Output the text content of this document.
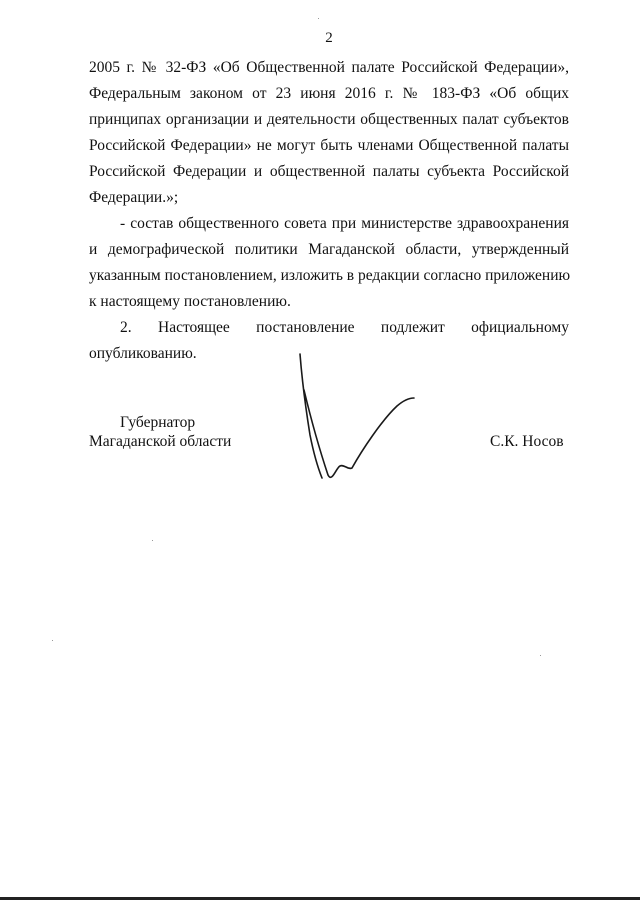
2

2005 г. № 32-ФЗ «Об Общественной палате Российской Федерации»,
Федеральным законом от 23 июня 2016 г. № 183-ФЗ «Об общих
принципах организации и деятельности общественных палат субъектов
Российской Федерации» не могут быть членами Общественной палаты
Российской Федерации и общественной палаты субъекта Российской
Федерации.»;

- состав общественного совета при министерстве здравоохранения
и демографической политики Магаданской области, утвержденный
указанным постановлением, изложить в редакции согласно приложению
к настоящему постановлению.

2. Настоящее постановление подлежит официальному
опубликованию.

Губернатор
Магаданской области	С.К. Носов
